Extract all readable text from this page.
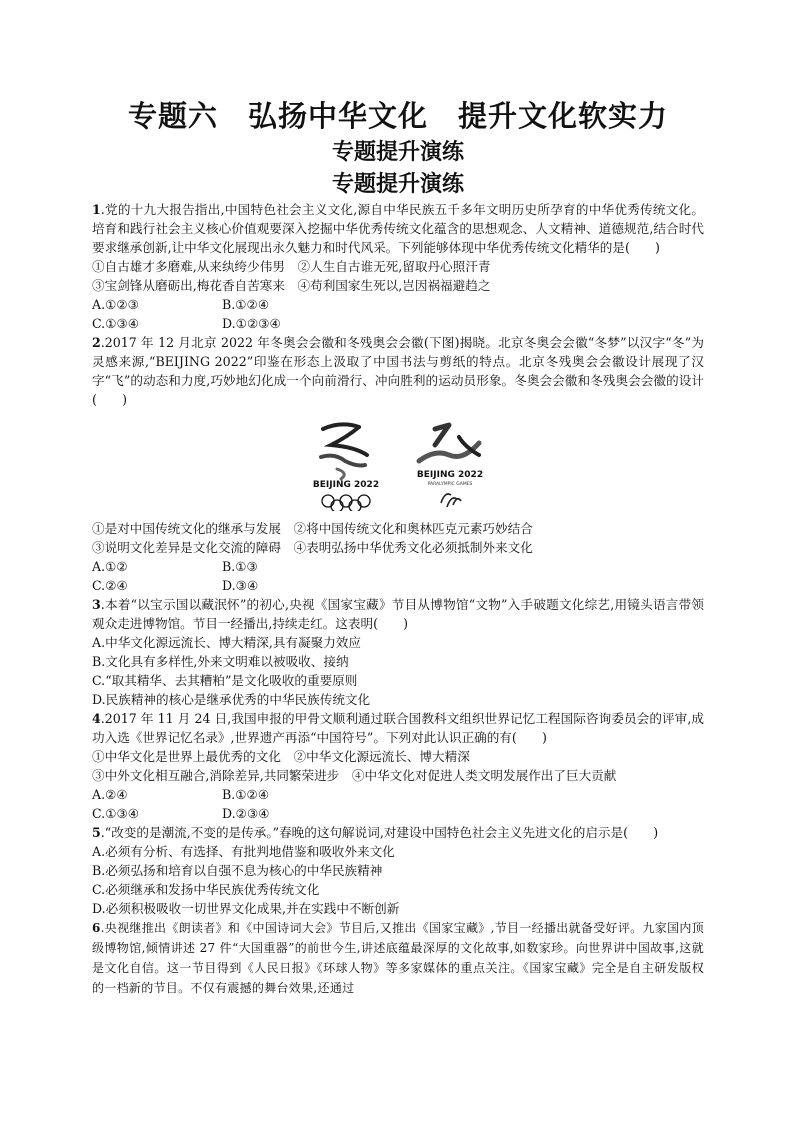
专题六　弘扬中华文化　提升文化软实力
专题提升演练
专题提升演练

1.党的十九大报告指出,中国特色社会主义文化,源自中华民族五千多年文明历史所孕育的中华优秀传统文化。培育和践行社会主义核心价值观要深入挖掘中华优秀传统文化蕴含的思想观念、人文精神、道德规范,结合时代要求继承创新,让中华文化展现出永久魅力和时代风采。下列能够体现中华优秀传统文化精华的是(　　)

①自古雄才多磨难,从来纨绔少伟男　②人生自古谁无死,留取丹心照汗青

③宝剑锋从磨砺出,梅花香自苦寒来　④苟利国家生死以,岂因祸福避趋之

A.①②③	B.①②④
C.①③④	D.①②③④

2.2017 年 12 月北京 2022 年冬奥会会徽和冬残奥会会徽(下图)揭晓。北京冬奥会会徽“冬梦”以汉字“冬”为灵感来源,“BEIJING 2022”印鉴在形态上汲取了中国书法与剪纸的特点。北京冬残奥会会徽设计展现了汉字“飞”的动态和力度,巧妙地幻化成一个向前滑行、冲向胜利的运动员形象。冬奥会会徽和冬残奥会会徽的设计(　　)

BEIJING 2022
BEIJING 2022
PARALYMPIC GAMES

①是对中国传统文化的继承与发展　②将中国传统文化和奥林匹克元素巧妙结合

③说明文化差异是文化交流的障碍　④表明弘扬中华优秀文化必须抵制外来文化

A.①②	B.①③
C.②④	D.③④

3.本着“以宝示国以藏泯怀”的初心,央视《国家宝藏》节目从博物馆“文物”入手破题文化综艺,用镜头语言带领观众走进博物馆。节目一经播出,持续走红。这表明(　　)

A.中华文化源远流长、博大精深,具有凝聚力效应

B.文化具有多样性,外来文明难以被吸收、接纳

C.“取其精华、去其糟粕”是文化吸收的重要原则

D.民族精神的核心是继承优秀的中华民族传统文化

4.2017 年 11 月 24 日,我国申报的甲骨文顺利通过联合国教科文组织世界记忆工程国际咨询委员会的评审,成功入选《世界记忆名录》,世界遗产再添“中国符号”。下列对此认识正确的有(　　)

①中华文化是世界上最优秀的文化　②中华文化源远流长、博大精深

③中外文化相互融合,消除差异,共同繁荣进步　④中华文化对促进人类文明发展作出了巨大贡献

A.②④	B.①②④
C.①③④	D.②③④

5.“改变的是潮流,不变的是传承。”春晚的这句解说词,对建设中国特色社会主义先进文化的启示是(　　)

A.必须有分析、有选择、有批判地借鉴和吸收外来文化

B.必须弘扬和培育以自强不息为核心的中华民族精神

C.必须继承和发扬中华民族优秀传统文化

D.必须积极吸收一切世界文化成果,并在实践中不断创新

6.央视继推出《朗读者》和《中国诗词大会》节目后,又推出《国家宝藏》,节目一经播出就备受好评。九家国内顶级博物馆,倾情讲述 27 件“大国重器”的前世今生,讲述底蕴最深厚的文化故事,如数家珍。向世界讲中国故事,这就是文化自信。这一节目得到《人民日报》《环球人物》等多家媒体的重点关注。《国家宝藏》完全是自主研发版权的一档新的节目。不仅有震撼的舞台效果,还通过
